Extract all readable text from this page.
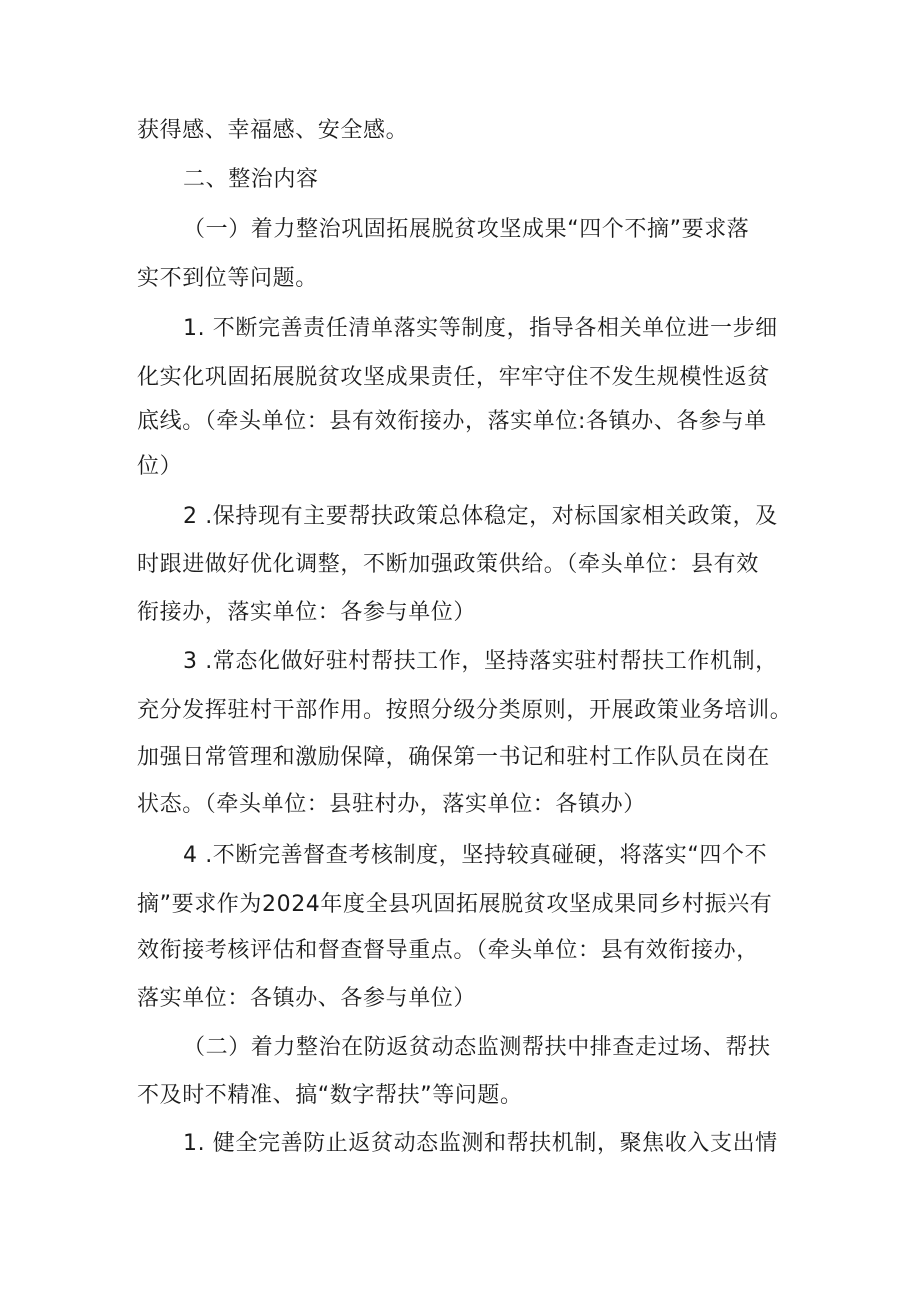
获得感、幸福感、安全感。
二、整治内容
（一）着力整治巩固拓展脱贫攻坚成果“四个不摘”要求落
实不到位等问题。
1. 不断完善责任清单落实等制度，指导各相关单位进一步细
化实化巩固拓展脱贫攻坚成果责任，牢牢守住不发生规模性返贫
底线。（牵头单位：县有效衔接办，落实单位:各镇办、各参与单
位）
2 .保持现有主要帮扶政策总体稳定，对标国家相关政策，及
时跟进做好优化调整，不断加强政策供给。（牵头单位：县有效
衔接办，落实单位：各参与单位）
3 .常态化做好驻村帮扶工作，坚持落实驻村帮扶工作机制，
充分发挥驻村干部作用。按照分级分类原则，开展政策业务培训。
加强日常管理和激励保障，确保第一书记和驻村工作队员在岗在
状态。（牵头单位：县驻村办，落实单位：各镇办）
4 .不断完善督查考核制度，坚持较真碰硬，将落实“四个不
摘”要求作为2024年度全县巩固拓展脱贫攻坚成果同乡村振兴有
效衔接考核评估和督查督导重点。（牵头单位：县有效衔接办，
落实单位：各镇办、各参与单位）
（二）着力整治在防返贫动态监测帮扶中排查走过场、帮扶
不及时不精准、搞“数字帮扶”等问题。
1. 健全完善防止返贫动态监测和帮扶机制，聚焦收入支出情
